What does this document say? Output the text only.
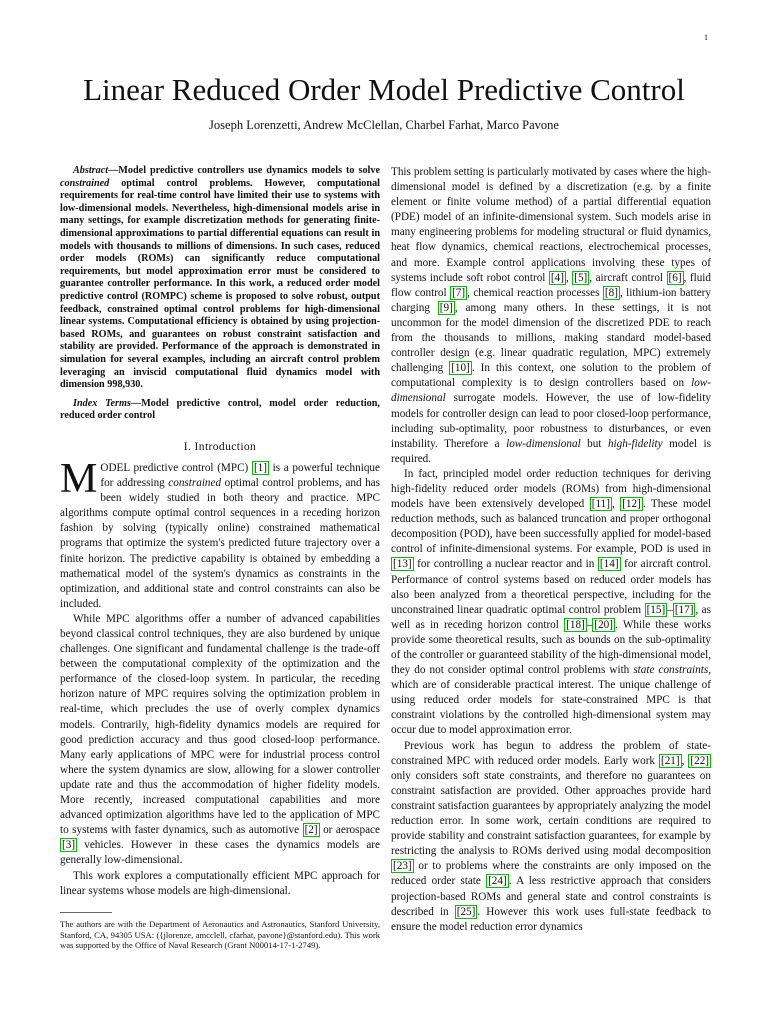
1
Linear Reduced Order Model Predictive Control
Joseph Lorenzetti, Andrew McClellan, Charbel Farhat, Marco Pavone

Abstract—Model predictive controllers use dynamics models to solve constrained optimal control problems. However, computational requirements for real-time control have limited their use to systems with low-dimensional models. Nevertheless, high-dimensional models arise in many settings, for example discretization methods for generating finite-dimensional approximations to partial differential equations can result in models with thousands to millions of dimensions. In such cases, reduced order models (ROMs) can significantly reduce computational requirements, but model approximation error must be considered to guarantee controller performance. In this work, a reduced order model predictive control (ROMPC) scheme is proposed to solve robust, output feedback, constrained optimal control problems for high-dimensional linear systems. Computational efficiency is obtained by using projection-based ROMs, and guarantees on robust constraint satisfaction and stability are provided. Performance of the approach is demonstrated in simulation for several examples, including an aircraft control problem leveraging an inviscid computational fluid dynamics model with dimension 998,930.

Index Terms—Model predictive control, model order reduction, reduced order control

I. Introduction

MODEL predictive control (MPC) [1] is a powerful technique for addressing constrained optimal control problems, and has been widely studied in both theory and practice. MPC algorithms compute optimal control sequences in a receding horizon fashion by solving (typically online) constrained mathematical programs that optimize the system's predicted future trajectory over a finite horizon. The predictive capability is obtained by embedding a mathematical model of the system's dynamics as constraints in the optimization, and additional state and control constraints can also be included.

While MPC algorithms offer a number of advanced capabilities beyond classical control techniques, they are also burdened by unique challenges. One significant and fundamental challenge is the trade-off between the computational complexity of the optimization and the performance of the closed-loop system. In particular, the receding horizon nature of MPC requires solving the optimization problem in real-time, which precludes the use of overly complex dynamics models. Contrarily, high-fidelity dynamics models are required for good prediction accuracy and thus good closed-loop performance. Many early applications of MPC were for industrial process control where the system dynamics are slow, allowing for a slower controller update rate and thus the accommodation of higher fidelity models. More recently, increased computational capabilities and more advanced optimization algorithms have led to the application of MPC to systems with faster dynamics, such as automotive [2] or aerospace [3] vehicles. However in these cases the dynamics models are generally low-dimensional.

This work explores a computationally efficient MPC approach for linear systems whose models are high-dimensional.

The authors are with the Department of Aeronautics and Astronautics, Stanford University, Stanford, CA, 94305 USA: ({jlorenze, amcclell, cfarhat, pavone}@stanford.edu). This work was supported by the Office of Naval Research (Grant N00014-17-1-2749).

This problem setting is particularly motivated by cases where the high-dimensional model is defined by a discretization (e.g. by a finite element or finite volume method) of a partial differential equation (PDE) model of an infinite-dimensional system. Such models arise in many engineering problems for modeling structural or fluid dynamics, heat flow dynamics, chemical reactions, electrochemical processes, and more. Example control applications involving these types of systems include soft robot control [4] , [5] , aircraft control [6] , fluid flow control [7] , chemical reaction processes [8] , lithium-ion battery charging [9] , among many others. In these settings, it is not uncommon for the model dimension of the discretized PDE to reach from the thousands to millions, making standard model-based controller design (e.g. linear quadratic regulation, MPC) extremely challenging [10] . In this context, one solution to the problem of computational complexity is to design controllers based on low-dimensional surrogate models. However, the use of low-fidelity models for controller design can lead to poor closed-loop performance, including sub-optimality, poor robustness to disturbances, or even instability. Therefore a low-dimensional but high-fidelity model is required.

In fact, principled model order reduction techniques for deriving high-fidelity reduced order models (ROMs) from high-dimensional models have been extensively developed [11] , [12] . These model reduction methods, such as balanced truncation and proper orthogonal decomposition (POD), have been successfully applied for model-based control of infinite-dimensional systems. For example, POD is used in [13] for controlling a nuclear reactor and in [14] for aircraft control. Performance of control systems based on reduced order models has also been analyzed from a theoretical perspective, including for the unconstrained linear quadratic optimal control problem [15] – [17] , as well as in receding horizon control [18] – [20] . While these works provide some theoretical results, such as bounds on the sub-optimality of the controller or guaranteed stability of the high-dimensional model, they do not consider optimal control problems with state constraints, which are of considerable practical interest. The unique challenge of using reduced order models for state-constrained MPC is that constraint violations by the controlled high-dimensional system may occur due to model approximation error.

Previous work has begun to address the problem of state-constrained MPC with reduced order models. Early work [21] , [22] only considers soft state constraints, and therefore no guarantees on constraint satisfaction are provided. Other approaches provide hard constraint satisfaction guarantees by appropriately analyzing the model reduction error. In some work, certain conditions are required to provide stability and constraint satisfaction guarantees, for example by restricting the analysis to ROMs derived using modal decomposition [23] or to problems where the constraints are only imposed on the reduced order state [24] . A less restrictive approach that considers projection-based ROMs and general state and control constraints is described in [25] . However this work uses full-state feedback to ensure the model reduction error dynamics
